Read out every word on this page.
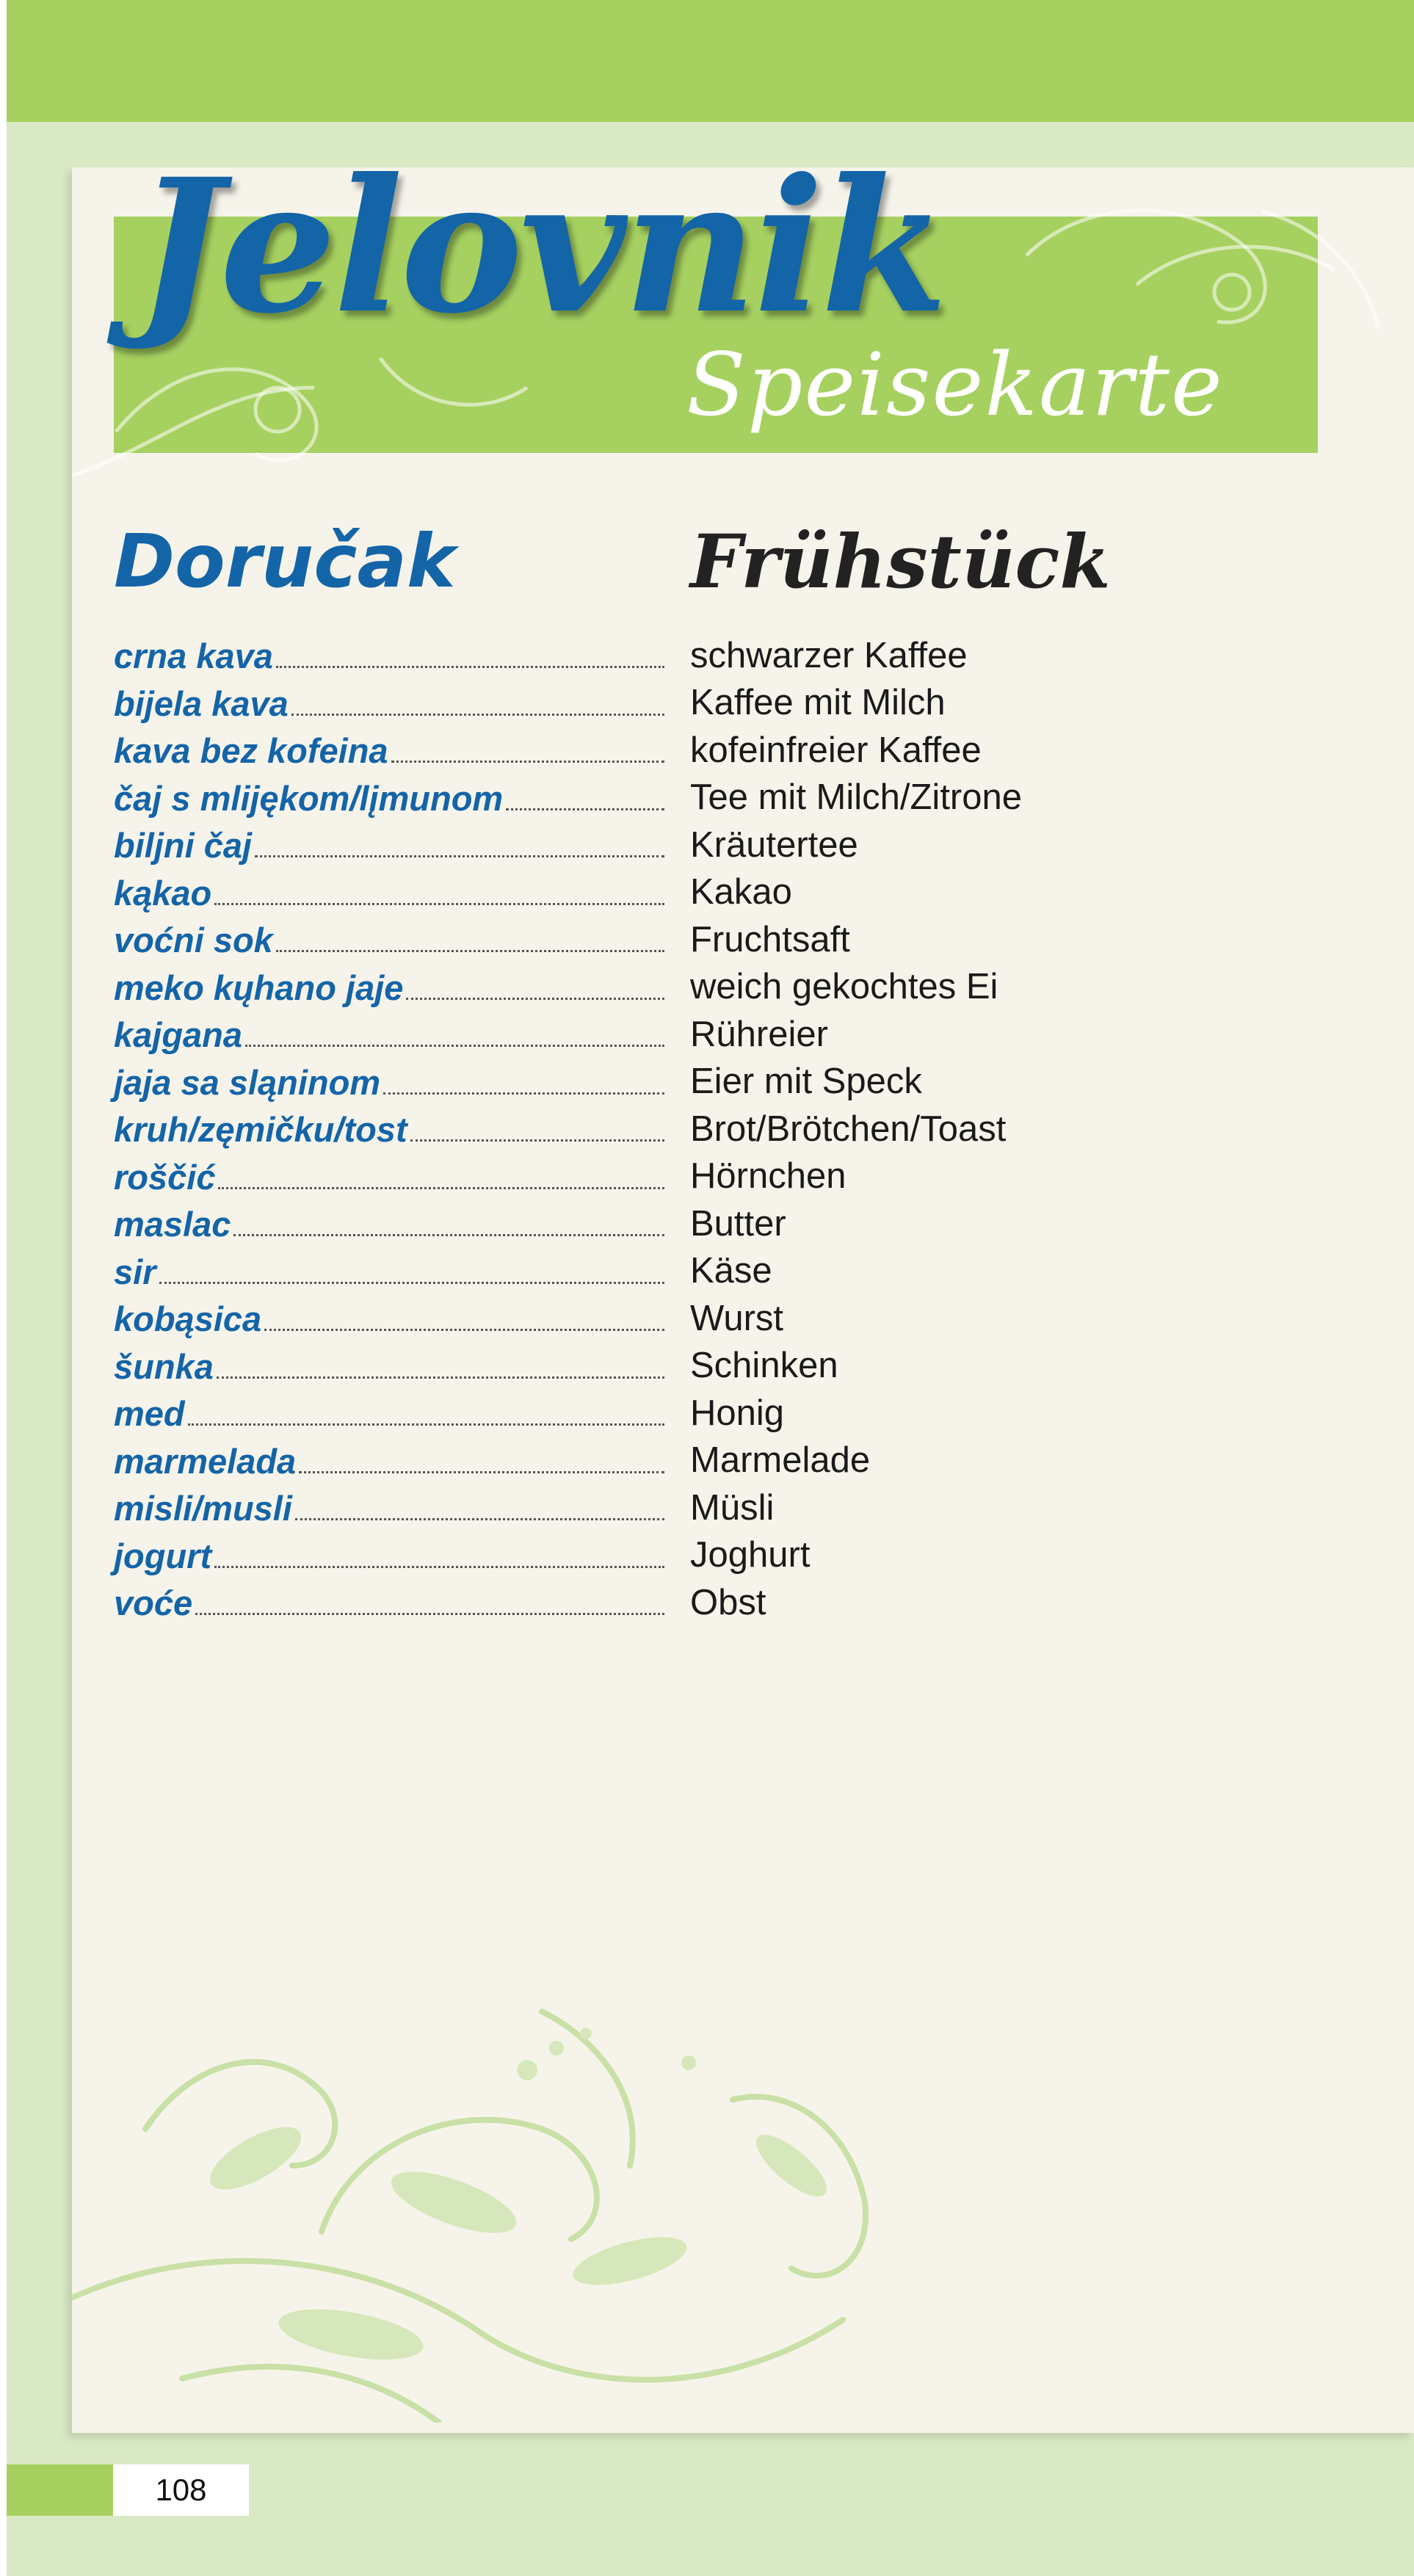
Jelovnik
Speisekarte
Doručak	Frühstück
crna kava	schwarzer Kaffee
bijela kava	Kaffee mit Milch
kava bez kofeina	kofeinfreier Kaffee
čaj s mlijękom/lįmunom	Tee mit Milch/Zitrone
biljni čaj	Kräutertee
kąkao	Kakao
voćni sok	Fruchtsaft
meko kųhano jaje	weich gekochtes Ei
kajgana	Rühreier
jaja sa sląninom	Eier mit Speck
kruh/zęmičku/tost	Brot/Brötchen/Toast
roščić	Hörnchen
maslac	Butter
sir	Käse
kobąsica	Wurst
šunka	Schinken
med	Honig
marmelada	Marmelade
misli/musli	Müsli
jogurt	Joghurt
voće	Obst
108
